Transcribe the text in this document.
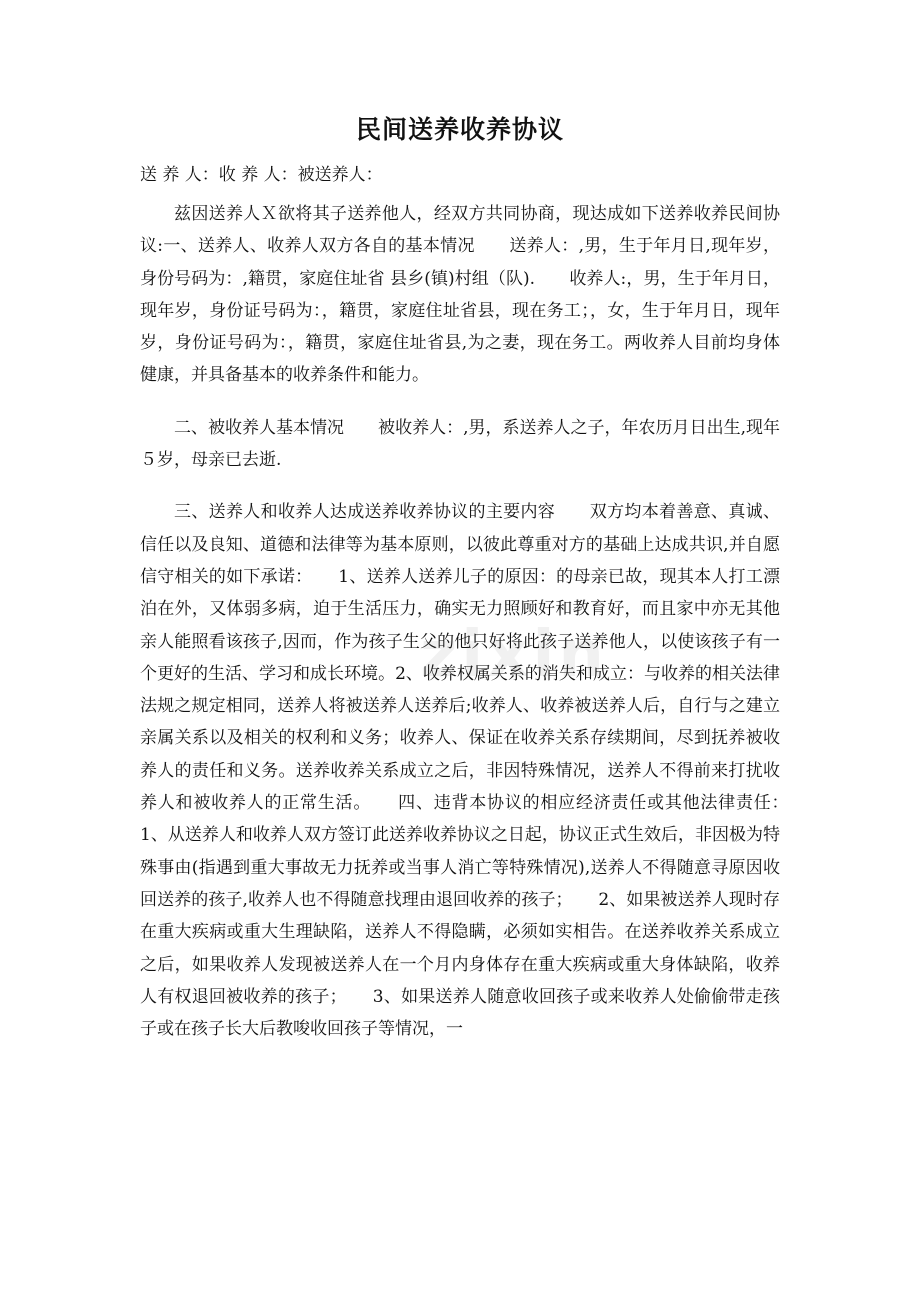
民间送养收养协议
送 养 人：收 养 人：被送养人：

兹因送养人Ｘ欲将其子送养他人，经双方共同协商，现达成如下送养收养民间协议:一、送养人、收养人双方各自的基本情况　　送养人：,男，生于年月日,现年岁，身份号码为：,籍贯，家庭住址省 县乡(镇)村组（队).　　收养人:，男，生于年月日，现年岁，身份证号码为：，籍贯，家庭住址省县，现在务工；，女，生于年月日，现年岁，身份证号码为：，籍贯，家庭住址省县,为之妻，现在务工。两收养人目前均身体健康，并具备基本的收养条件和能力。

二、被收养人基本情况　　被收养人：,男，系送养人之子，年农历月日出生,现年５岁，母亲已去逝.

三、送养人和收养人达成送养收养协议的主要内容　　双方均本着善意、真诚、信任以及良知、道德和法律等为基本原则，以彼此尊重对方的基础上达成共识,并自愿信守相关的如下承诺：　　1、送养人送养儿子的原因：的母亲已故，现其本人打工漂泊在外，又体弱多病，迫于生活压力，确实无力照顾好和教育好，而且家中亦无其他亲人能照看该孩子,因而，作为孩子生父的他只好将此孩子送养他人，以使该孩子有一个更好的生活、学习和成长环境。2、收养权属关系的消失和成立：与收养的相关法律法规之规定相同，送养人将被送养人送养后;收养人、收养被送养人后，自行与之建立亲属关系以及相关的权利和义务；收养人、保证在收养关系存续期间，尽到抚养被收养人的责任和义务。送养收养关系成立之后，非因特殊情况，送养人不得前来打扰收养人和被收养人的正常生活。　　四、违背本协议的相应经济责任或其他法律责任：　　1、从送养人和收养人双方签订此送养收养协议之日起，协议正式生效后，非因极为特殊事由(指遇到重大事故无力抚养或当事人消亡等特殊情况),送养人不得随意寻原因收回送养的孩子,收养人也不得随意找理由退回收养的孩子；　　2、如果被送养人现时存在重大疾病或重大生理缺陷，送养人不得隐瞒，必须如实相告。在送养收养关系成立之后，如果收养人发现被送养人在一个月内身体存在重大疾病或重大身体缺陷，收养人有权退回被收养的孩子；　　3、如果送养人随意收回孩子或来收养人处偷偷带走孩子或在孩子长大后教唆收回孩子等情况，一

zixin
